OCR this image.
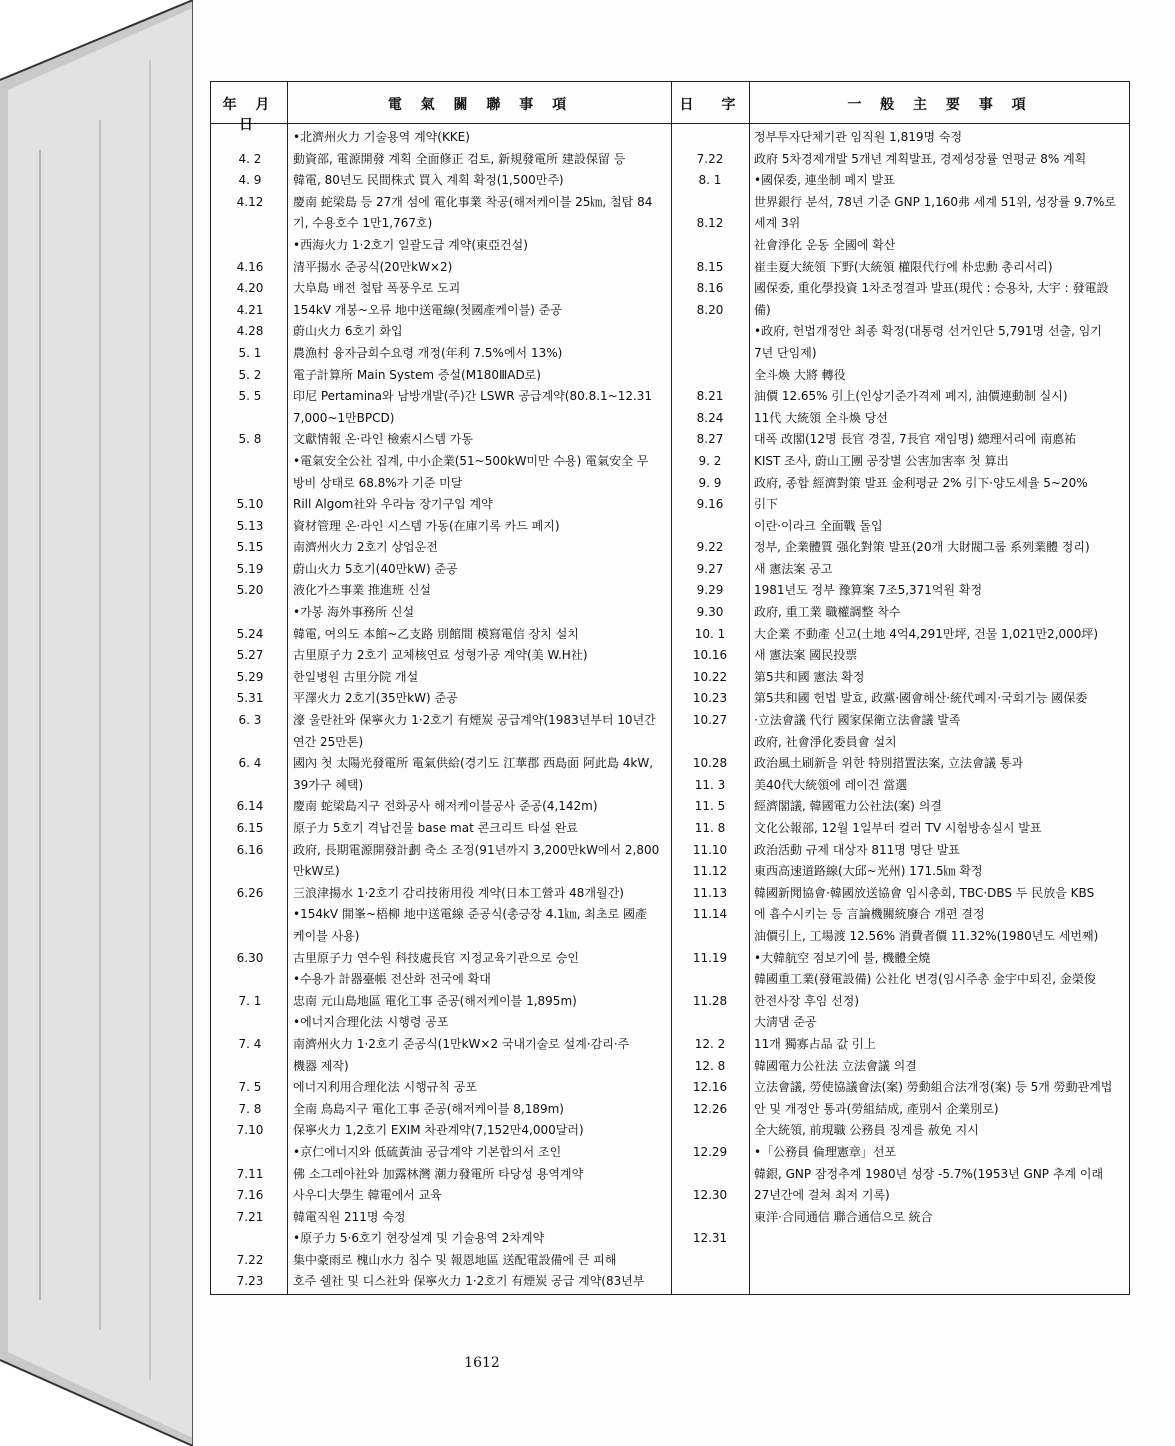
年 月 日
電 氣 關 聯 事 項	日　字	一 般 主 要 事 項
4. 2
4. 9
4.12
4.16
4.20
4.21
4.28
5. 1
5. 2
5. 5
5. 8
5.10
5.13
5.15
5.19
5.20
5.24
5.27
5.29
5.31
6. 3
6. 4
6.14
6.15
6.16
6.26
6.30
7. 1
7. 4
7. 5
7. 8
7.10
7.11
7.16
7.21
7.22
7.23
•北濟州火力 기술용역 계약(KKE)
動資部, 電源開發 계획 全面修正 검토, 新規發電所 建設保留 등
韓電, 80년도 民間株式 買入 계획 확정(1,500만주)
慶南 蛇梁島 등 27개 섬에 電化事業 착공(해저케이블 25㎞, 철탑 84
기, 수용호수 1만1,767호)
•西海火力 1·2호기 일괄도급 계약(東亞건설)
清平揚水 준공식(20만kW×2)
大阜島 배전 철탑 폭풍우로 도괴
154kV 개봉~오류 地中送電線(첫國產케이블) 준공
蔚山火力 6호기 화입
農漁村 융자금회수요령 개정(年利 7.5%에서 13%)
電子計算所 Main System 증설(M180ⅢAD로)
印尼 Pertamina와 남방개발(주)간 LSWR 공급계약(80.8.1~12.31
7,000~1만BPCD)
文獻情報 온·라인 檢索시스템 가동
•電氣安全公社 집계, 中小企業(51~500kW미만 수용) 電氣安全 무
방비 상태로 68.8%가 기준 미달
Rill Algom社와 우라늄 장기구입 계약
資材管理 온·라인 시스템 가동(在庫기록 카드 폐지)
南濟州火力 2호기 상업운전
蔚山火力 5호기(40만kW) 준공
液化가스事業 推進班 신설
•가봉 海外事務所 신설
韓電, 여의도 本館~乙支路 別館間 模寫電信 장치 설치
古里原子力 2호기 교체核연료 성형가공 계약(美 W.H社)
한일병원 古里分院 개설
平澤火力 2호기(35만kW) 준공
濠 울란社와 保寧火力 1·2호기 有煙炭 공급계약(1983년부터 10년간
연간 25만톤)
國內 첫 太陽光發電所 電氣供給(경기도 江華郡 西島面 阿此島 4kW,
39가구 혜택)
慶南 蛇梁島지구 전화공사 해저케이블공사 준공(4,142m)
原子力 5호기 격납건물 base mat 콘크리트 타설 완료
政府, 長期電源開發計劃 축소 조정(91년까지 3,200만kW에서 2,800
만kW로)
三浪津揚水 1·2호기 감리技術用役 계약(日本工營과 48개월간)
•154kV 開峯~梧柳 地中送電線 준공식(총긍장 4.1㎞, 최초로 國產
케이블 사용)
古里原子力 연수원 科技處長官 지정교육기관으로 승인
•수용가 計器臺帳 전산화 전국에 확대
忠南 元山島地區 電化工事 준공(해저케이블 1,895m)
•에너지合理化法 시행령 공포
南濟州火力 1·2호기 준공식(1만kW×2 국내기술로 설계·감리·주
機器 제작)
에너지利用合理化法 시행규칙 공포
全南 鳥島지구 電化工事 준공(해저케이블 8,189m)
保寧火力 1,2호기 EXIM 차관계약(7,152만4,000달러)
•京仁에너지와 低硫黃油 공급계약 기본합의서 조인
佛 소그레아社와 加露林灣 潮力發電所 타당성 용역계약
사우디大學生 韓電에서 교육
韓電직원 211명 숙정
•原子力 5·6호기 현장설계 및 기술용역 2차계약
集中豪雨로 槐山水力 침수 및 報恩地區 送配電設備에 큰 피해
호주 쉘社 및 디스社와 保寧火力 1·2호기 有煙炭 공급 계약(83년부
7.22
8. 1
8.12
8.15
8.16
8.20
8.21
8.24
8.27
9. 2
9. 9
9.16
9.22
9.27
9.29
9.30
10. 1
10.16
10.22
10.23
10.27
10.28
11. 3
11. 5
11. 8
11.10
11.12
11.13
11.14
11.19
11.28
12. 2
12. 8
12.16
12.26
12.29
12.30
12.31
정부투자단체기관 임직원 1,819명 숙정
政府 5차경제개발 5개년 계획발표, 경제성장률 연평균 8% 계획
•國保委, 連坐制 폐지 발표
世界銀行 분석, 78년 기준 GNP 1,160弗 세계 51위, 성장률 9.7%로
세계 3위
社會淨化 운동 全國에 확산
崔圭夏大統領 下野(大統領 權限代行에 朴忠勳 총리서리)
國保委, 重化學投資 1차조정결과 발표(現代 : 승용차, 大宇 : 發電設
備)
•政府, 헌법개정안 최종 확정(대통령 선거인단 5,791명 선출, 임기
7년 단임제)
全斗煥 大將 轉役
油價 12.65% 引上(인상기준가격제 폐지, 油價連動制 실시)
11代 大統領 全斗煥 당선
대폭 改閣(12명 長官 경질, 7長官 재임명) 總理서리에 南悳祐
KIST 조사, 蔚山工團 공장별 公害加害率 첫 算出
政府, 종합 經濟對策 발표 金利평균 2% 引下·양도세율 5~20%
引下
이란·이라크 全面戰 돌입
정부, 企業體質 强化對策 발표(20개 大財閥그룹 系列業體 정리)
새 憲法案 공고
1981년도 정부 豫算案 7조5,371억원 확정
政府, 重工業 職權調整 착수
大企業 不動產 신고(土地 4억4,291만坪, 건물 1,021만2,000坪)
새 憲法案 國民投票
第5共和國 憲法 확정
第5共和國 헌법 발효, 政黨·國會해산·統代폐지·국회기능 國保委
·立法會議 代行 國家保衛立法會議 발족
政府, 社會淨化委員會 설치
政治風土刷新을 위한 特別措置法案, 立法會議 통과
美40代大統領에 레이건 當選
經濟閣議, 韓國電力公社法(案) 의결
文化公報部, 12월 1일부터 컬러 TV 시험방송실시 발표
政治活動 규제 대상자 811명 명단 발표
東西高速道路線(大邱~光州) 171.5㎞ 확정
韓國新聞協會·韓國放送協會 임시총회, TBC·DBS 두 民放을 KBS
에 흡수시키는 등 言論機關統廢合 개편 결정
油價引上, 工場渡 12.56% 消費者價 11.32%(1980년도 세번째)
•大韓航空 점보기에 불, 機體全燒
韓國重工業(發電設備) 公社化 변경(임시주총 金宇中퇴진, 金榮俊
한전사장 후임 선정)
大淸댐 준공
11개 獨寡占品 값 引上
韓國電力公社法 立法會議 의결
立法會議, 勞使協議會法(案) 勞動組合法개정(案) 등 5개 勞動관계법
안 및 개정안 통과(勞組結成, 產別서 企業別로)
全大統領, 前現職 公務員 징계를 赦免 지시
•「公務員 倫理憲章」선포
韓銀, GNP 잠정추계 1980년 성장 -5.7%(1953년 GNP 추계 이래
27년간에 걸쳐 최저 기록)
東洋·合同通信 聯合通信으로 統合
1612
